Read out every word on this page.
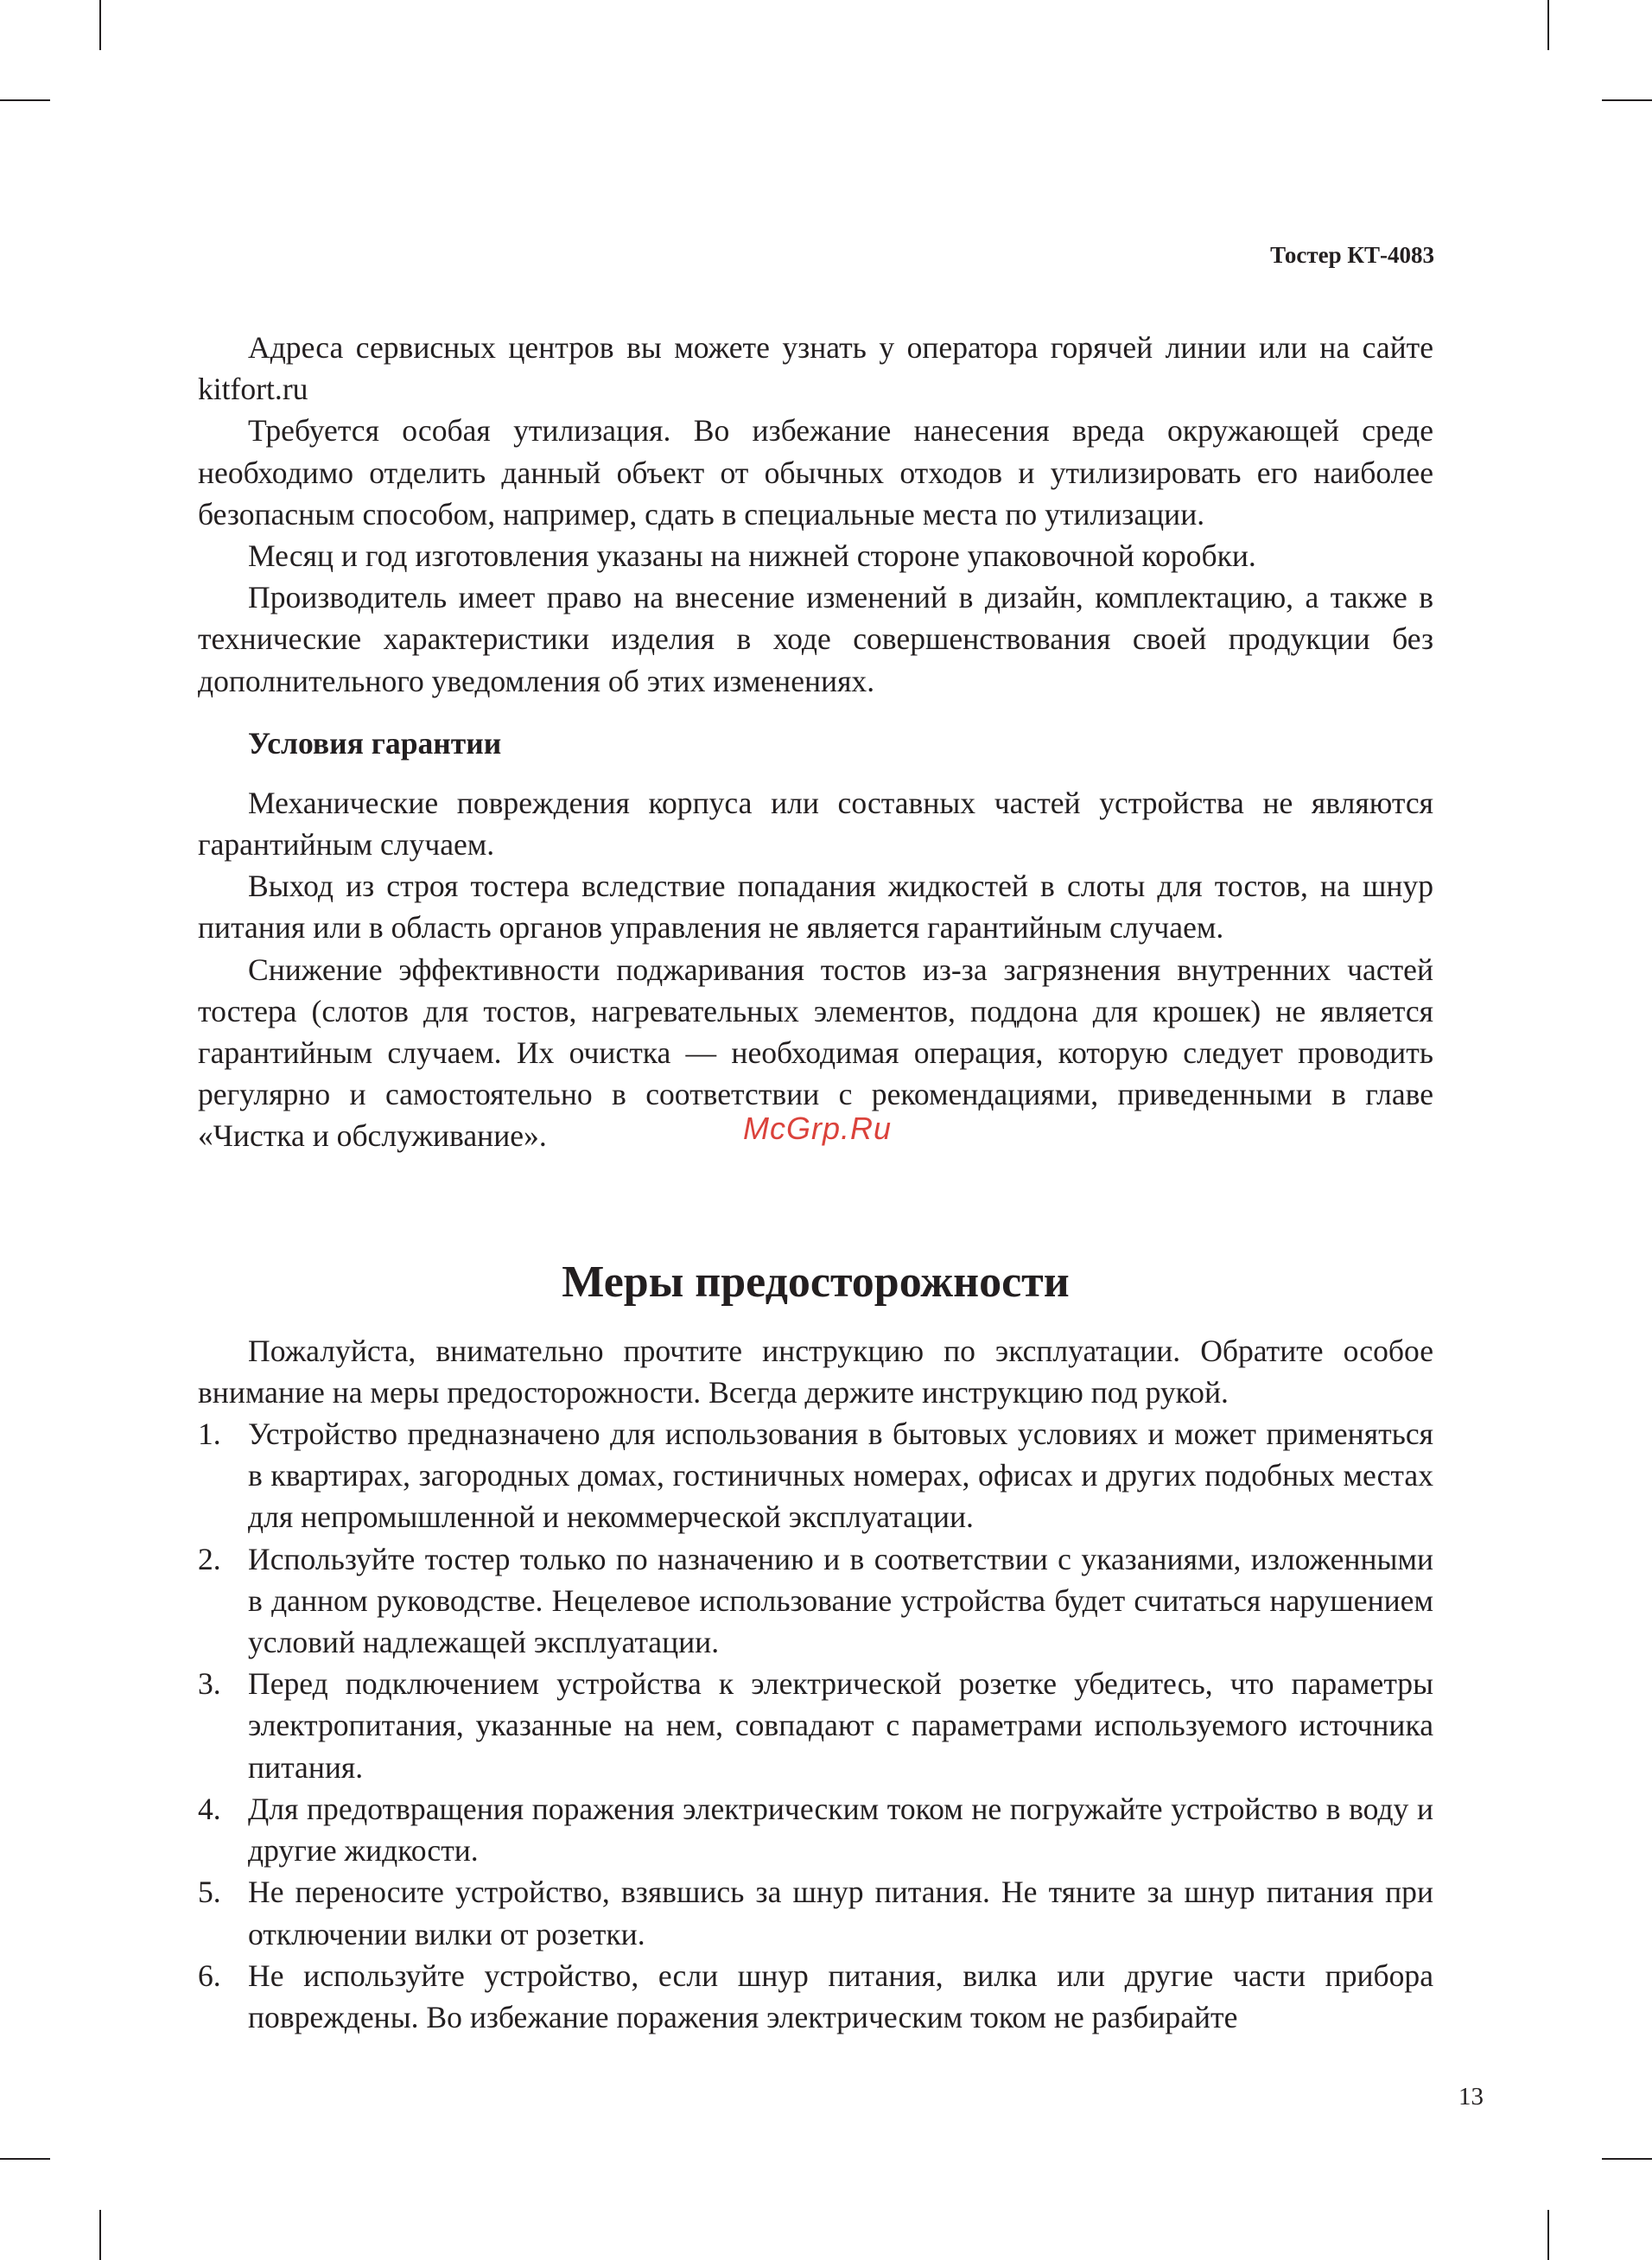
Тостер КТ-4083

Адреса сервисных центров вы можете узнать у оператора горячей линии или на сайте kitfort.ru

Требуется особая утилизация. Во избежание нанесения вреда окружающей среде необходимо отделить данный объект от обычных отходов и утилизировать его наиболее безопасным способом, например, сдать в специальные места по утилизации.

Месяц и год изготовления указаны на нижней стороне упаковочной коробки.

Производитель имеет право на внесение изменений в дизайн, комплектацию, а также в технические характеристики изделия в ходе совершенствования своей продукции без дополнительного уведомления об этих изменениях.

Условия гарантии

Механические повреждения корпуса или составных частей устройства не являются гарантийным случаем.

Выход из строя тостера вследствие попадания жидкостей в слоты для тостов, на шнур питания или в область органов управления не является гарантийным случаем.

Снижение эффективности поджаривания тостов из-за загрязнения внутренних частей тостера (слотов для тостов, нагревательных элементов, поддона для крошек) не является гарантийным случаем. Их очистка — необходимая операция, которую следует проводить регулярно и самостоятельно в соответствии с рекомендациями, приведенными в главе «Чистка и обслуживание».

Меры предосторожности

Пожалуйста, внимательно прочтите инструкцию по эксплуатации. Обратите особое внимание на меры предосторожности. Всегда держите инструкцию под рукой.

1. Устройство предназначено для использования в бытовых условиях и может применяться в квартирах, загородных домах, гостиничных номерах, офисах и других подобных местах для непромышленной и некоммерческой эксплуатации.
2. Используйте тостер только по назначению и в соответствии с указаниями, изложенными в данном руководстве. Нецелевое использование устройства будет считаться нарушением условий надлежащей эксплуатации.
3. Перед подключением устройства к электрической розетке убедитесь, что параметры электропитания, указанные на нем, совпадают с параметрами используемого источника питания.
4. Для предотвращения поражения электрическим током не погружайте устройство в воду и другие жидкости.
5. Не переносите устройство, взявшись за шнур питания. Не тяните за шнур питания при отключении вилки от розетки.
6. Не используйте устройство, если шнур питания, вилка или другие части прибора повреждены. Во избежание поражения электрическим током не разбирайте
McGrp.Ru
13
